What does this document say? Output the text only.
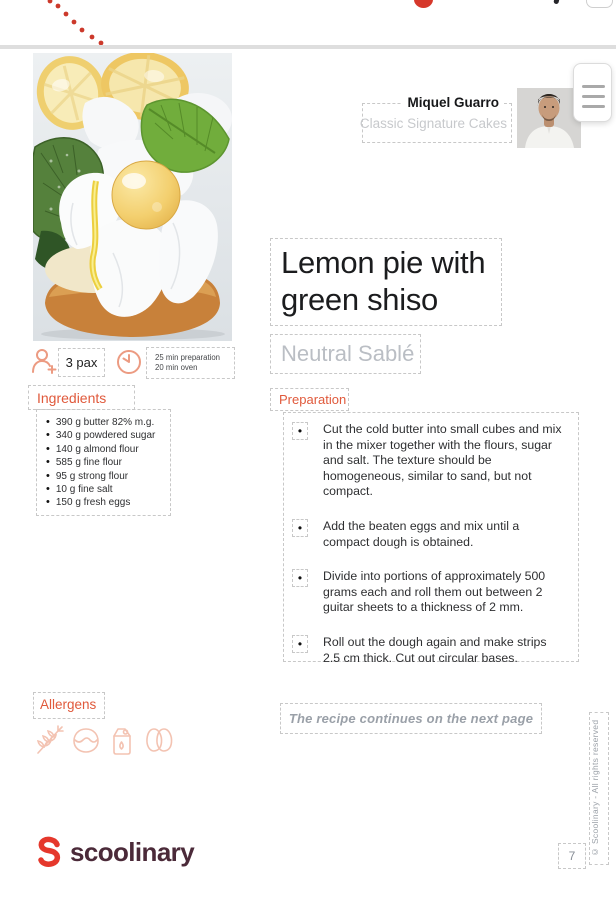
Miquel Guarro
Classic Signature Cakes
Lemon pie with green shiso
Neutral Sablé
3 pax	25 min preparation
20 min oven
Ingredients
• 390 g butter 82% m.g.
• 340 g powdered sugar
• 140 g almond flour
• 585 g fine flour
• 95 g strong flour
• 10 g fine salt
• 150 g fresh eggs
Preparation
•	Cut the cold butter into small cubes and mix in the mixer together with the flours, sugar and salt. The texture should be homogeneous, similar to sand, but not compact.
•	Add the beaten eggs and mix until a compact dough is obtained.
•	Divide into portions of approximately 500 grams each and roll them out between 2 guitar sheets to a thickness of 2 mm.
•	Roll out the dough again and make strips 2.5 cm thick. Cut out circular bases.
Allergens
The recipe continues on the next page
© Scoolinary - All rights reserved
7
scoolinary
